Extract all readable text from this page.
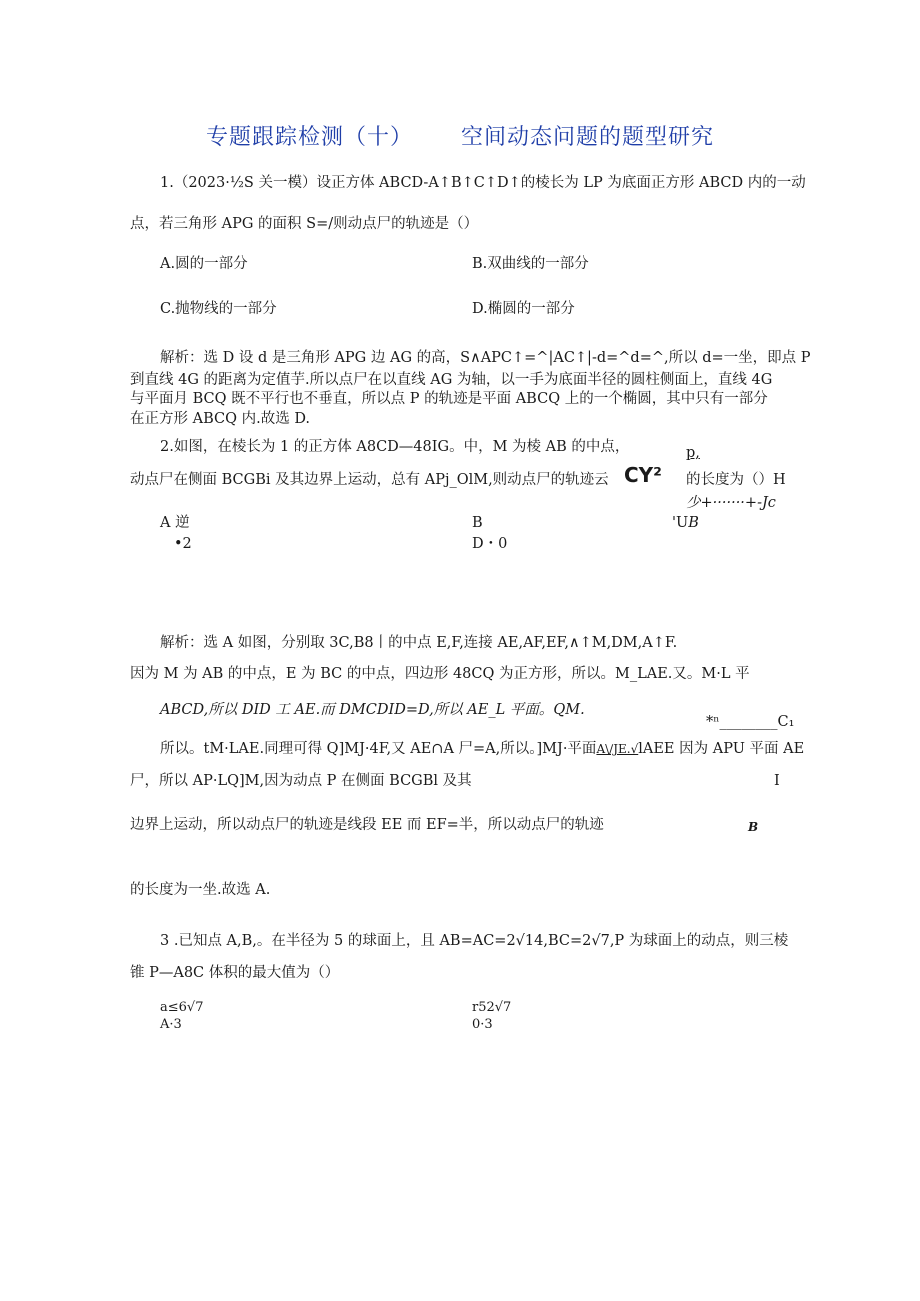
专题跟踪检测（十） 空间动态问题的题型研究
1.（2023·½S 关一模）设正方体 ABCD-A↑B↑C↑D↑的棱长为 LP 为底面正方形 ABCD 内的一动
点，若三角形 APG 的面积 S=/则动点尸的轨迹是（）
A.圆的一部分	B.双曲线的一部分
C.抛物线的一部分	D.椭圆的一部分
解析：选 D 设 d 是三角形 APG 边 AG 的高，S∧APC↑=^|AC↑|-d=^d=^,所以 d=一坐，即点 P
到直线 4G 的距离为定值芋.所以点尸在以直线 AG 为轴，以一手为底面半径的圆柱侧面上，直线 4G
与平面月 BCQ 既不平行也不垂直，所以点 P 的轨迹是平面 ABCQ 上的一个椭圆，其中只有一部分
在正方形 ABCQ 内.故选 D.
2.如图，在棱长为 1 的正方体 A8CD—48IG。中，M 为棱 AB 的中点，	p,
动点尸在侧面 BCGBi 及其边界上运动，总有 APj_OlM,则动点尸的轨迹云 CY² 的长度为（）H
少+·······+-Jc
A 逆	B	'UB
•2	D・0
解析：选 A 如图，分别取 3C,B8丨的中点 E,F,连接 AE,AF,EF,∧↑M,DM,A↑F.
因为 M 为 AB 的中点，E 为 BC 的中点，四边形 48CQ 为正方形，所以。M_LAE.又。M·L 平
ABCD,所以 DID 工 AE.而 DMCDID=D,所以 AE_L 平面。QM.
*ⁿ________C₁
所以。tM·LAE.同理可得 Q]MJ·4F,又 AE∩A 尸=A,所以。]MJ·平面A\∕JE.√lAEE 因为 APU 平面 AE
尸，所以 AP·LQ]M,因为动点 P 在侧面 BCGBl 及其	I
边界上运动，所以动点尸的轨迹是线段 EE 而 EF=半，所以动点尸的轨迹	B
的长度为一坐.故选 A.
3 .已知点 A,B,。在半径为 5 的球面上，且 AB=AC=2√14,BC=2√7,P 为球面上的动点，则三棱
锥 P—A8C 体积的最大值为（）
a≤6√7
A·3
r52√7
0·3
